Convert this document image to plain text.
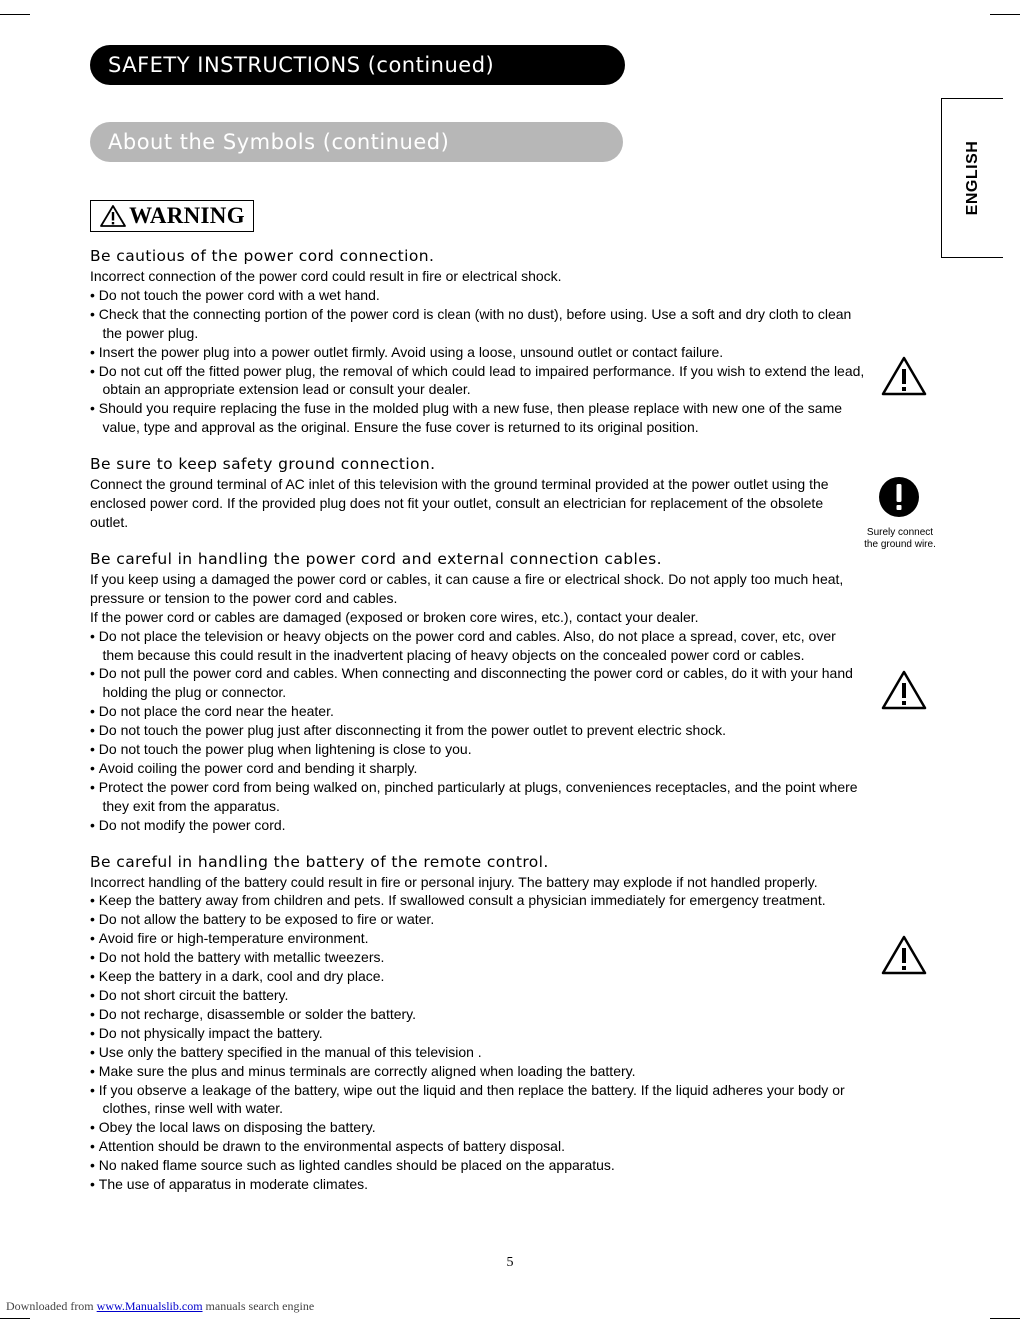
SAFETY INSTRUCTIONS (continued)
About the Symbols (continued)	ENGLISH
WARNING
Be cautious of the power cord connection.

Incorrect connection of the power cord could result in fire or electrical shock.

• Do not touch the power cord with a wet hand.
• Check that the connecting portion of the power cord is clean (with no dust), before using. Use a soft and dry cloth to clean the power plug.
• Insert the power plug into a power outlet firmly. Avoid using a loose, unsound outlet or contact failure.
• Do not cut off the fitted power plug, the removal of which could lead to impaired performance. If you wish to extend the lead, obtain an appropriate extension lead or consult your dealer.
• Should you require replacing the fuse in the molded plug with a new fuse, then please replace with new one of the same value, type and approval as the original. Ensure the fuse cover is returned to its original position.
Be sure to keep safety ground connection.

Connect the ground terminal of AC inlet of this television with the ground terminal provided at the power outlet using the enclosed power cord. If the provided plug does not fit your outlet, consult an electrician for replacement of the obsolete outlet.

Be careful in handling the power cord and external connection cables.

If you keep using a damaged the power cord or cables, it can cause a fire or electrical shock. Do not apply too much heat, pressure or tension to the power cord and cables.

If the power cord or cables are damaged (exposed or broken core wires, etc.), contact your dealer.

• Do not place the television or heavy objects on the power cord and cables. Also, do not place a spread, cover, etc, over them because this could result in the inadvertent placing of heavy objects on the concealed power cord or cables.
• Do not pull the power cord and cables. When connecting and disconnecting the power cord or cables, do it with your hand holding the plug or connector.
• Do not place the cord near the heater.
• Do not touch the power plug just after disconnecting it from the power outlet to prevent electric shock.
• Do not touch the power plug when lightening is close to you.
• Avoid coiling the power cord and bending it sharply.
• Protect the power cord from being walked on, pinched particularly at plugs, conveniences receptacles, and the point where they exit from the apparatus.
• Do not modify the power cord.
Be careful in handling the battery of the remote control.

Incorrect handling of the battery could result in fire or personal injury. The battery may explode if not handled properly.

• Keep the battery away from children and pets. If swallowed consult a physician immediately for emergency treatment.
• Do not allow the battery to be exposed to fire or water.
• Avoid fire or high-temperature environment.
• Do not hold the battery with metallic tweezers.
• Keep the battery in a dark, cool and dry place.
• Do not short circuit the battery.
• Do not recharge, disassemble or solder the battery.
• Do not physically impact the battery.
• Use only the battery specified in the manual of this television .
• Make sure the plus and minus terminals are correctly aligned when loading the battery.
• If you observe a leakage of the battery, wipe out the liquid and then replace the battery. If the liquid adheres your body or clothes, rinse well with water.
• Obey the local laws on disposing the battery.
• Attention should be drawn to the environmental aspects of battery disposal.
• No naked flame source such as lighted candles should be placed on the apparatus.
• The use of apparatus in moderate climates.
Surely connect
the ground wire.
5
Downloaded from www.Manualslib.com manuals search engine
